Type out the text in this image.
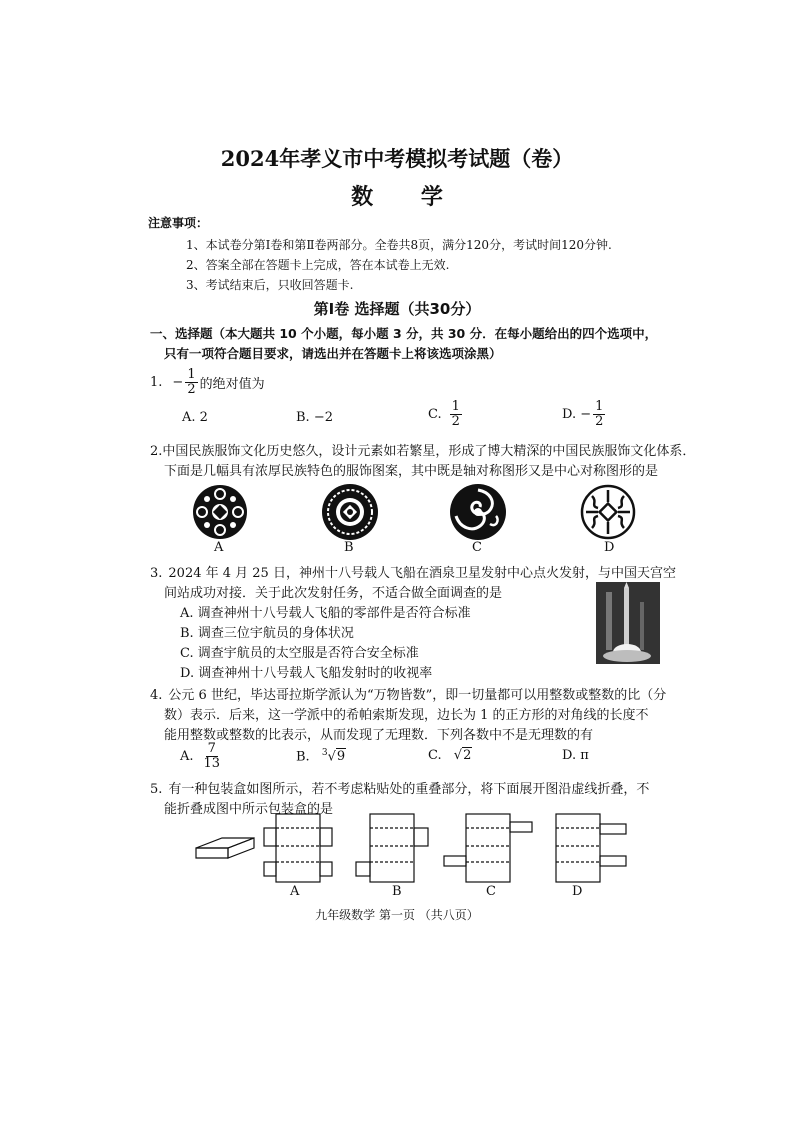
2024年孝义市中考模拟考试题（卷）
数 学
注意事项：
1、本试卷分第Ⅰ卷和第Ⅱ卷两部分。全卷共8页，满分120分，考试时间120分钟.
2、答案全部在答题卡上完成，答在本试卷上无效.
3、考试结束后，只收回答题卡.
第Ⅰ卷 选择题（共30分）
一、选择题（本大题共 10 个小题，每小题 3 分，共 30 分．在每小题给出的四个选项中，
只有一项符合题目要求，请选出并在答题卡上将该选项涂黑）
1. − $\frac{1}{2}$ 的绝对值为
A. 2	B. −2	C. $\frac{1}{2}$	D. − $\frac{1}{2}$
2.中国民族服饰文化历史悠久，设计元素如若繁星，形成了博大精深的中国民族服饰文化体系．
下面是几幅具有浓厚民族特色的服饰图案，其中既是轴对称图形又是中心对称图形的是
A	B	C	D
3. 2024 年 4 月 25 日，神州十八号载人飞船在酒泉卫星发射中心点火发射，与中国天宫空
间站成功对接．关于此次发射任务，不适合做全面调查的是
A. 调查神州十八号载人飞船的零部件是否符合标准
B. 调查三位宇航员的身体状况
C. 调查宇航员的太空服是否符合安全标准
D. 调查神州十八号载人飞船发射时的收视率
4. 公元 6 世纪，毕达哥拉斯学派认为“万物皆数”，即一切量都可以用整数或整数的比（分
数）表示．后来，这一学派中的希帕索斯发现，边长为 1 的正方形的对角线的长度不
能用整数或整数的比表示，从而发现了无理数．下列各数中不是无理数的有
A. $\frac{7}{13}$	B. $^3$√9	C. √2	D. π
5. 有一种包装盒如图所示，若不考虑粘贴处的重叠部分，将下面展开图沿虚线折叠，不
能折叠成图中所示包装盒的是
A	B	C	D
九年级数学 第一页 （共八页）
